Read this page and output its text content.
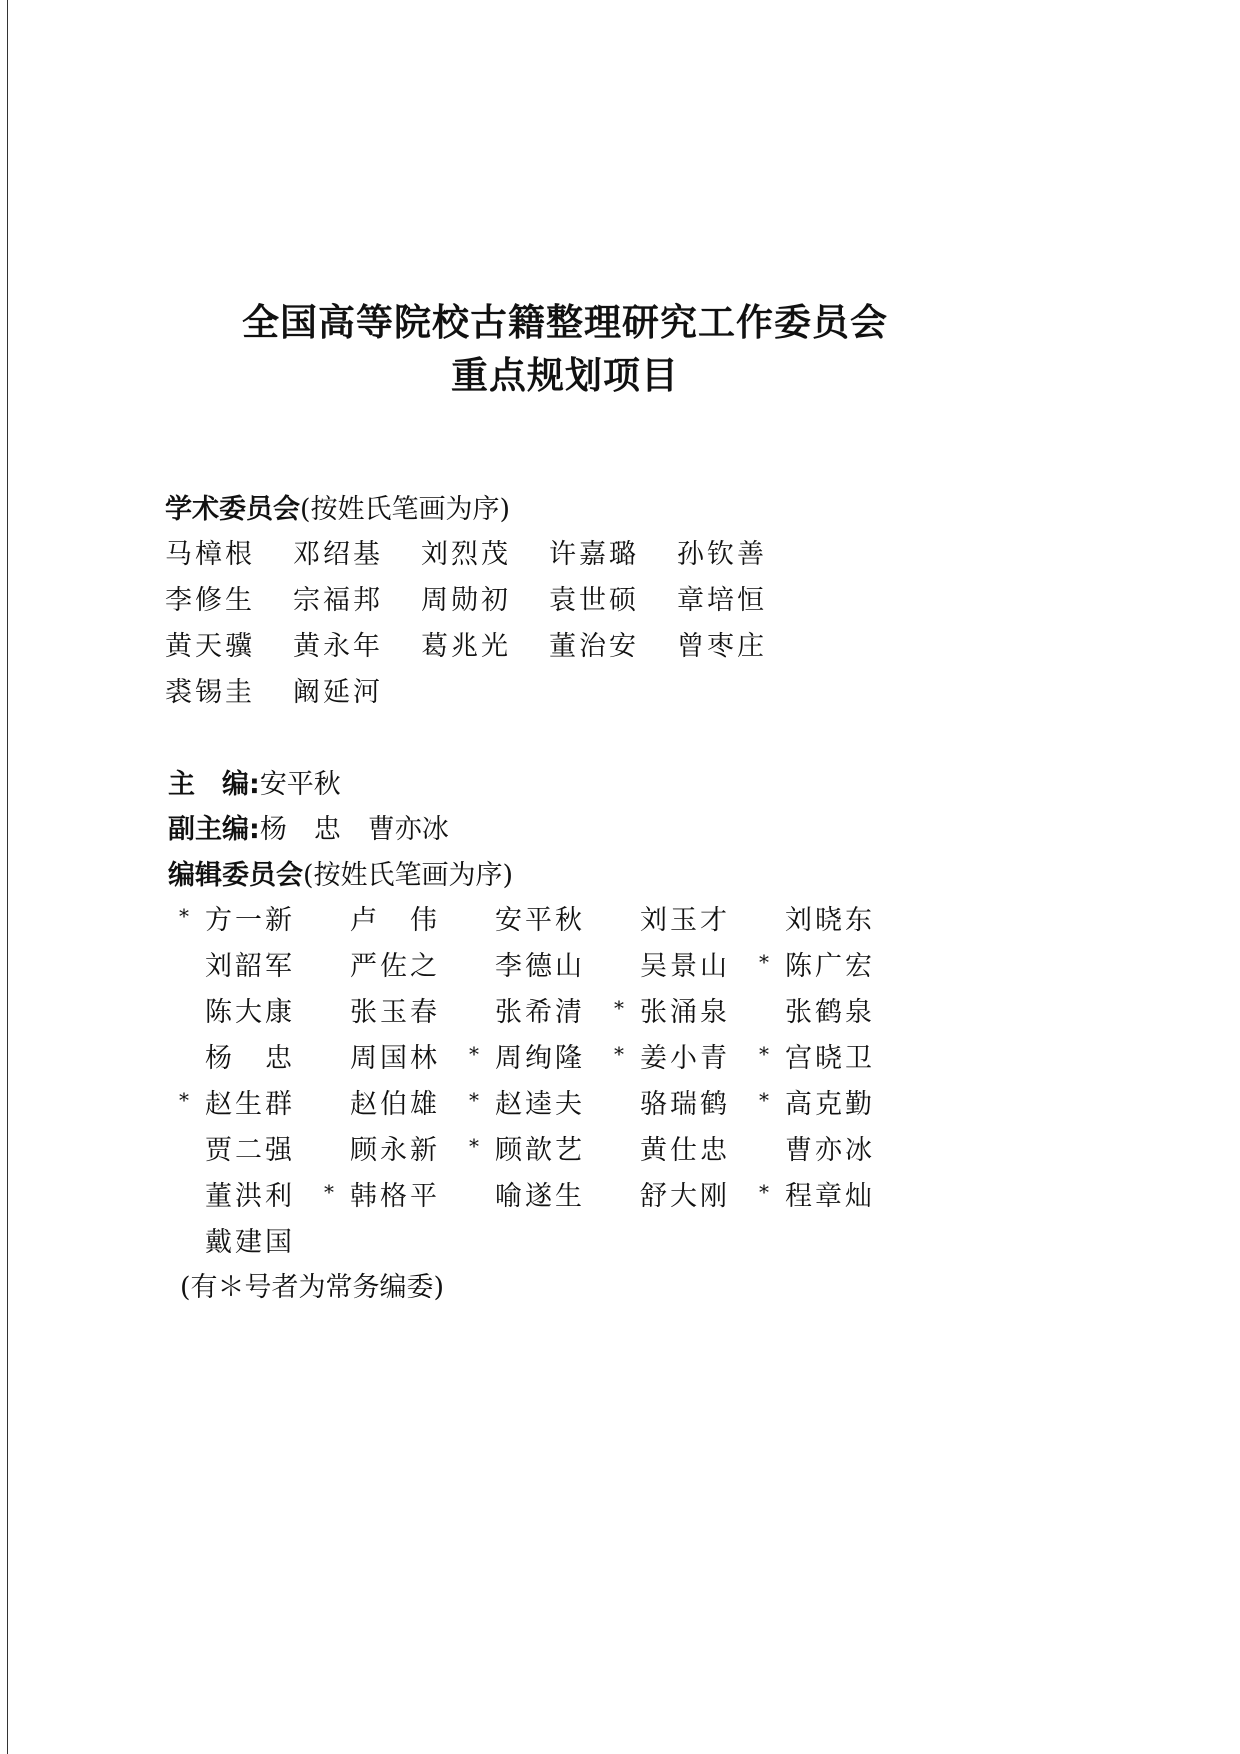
全国高等院校古籍整理研究工作委员会
重点规划项目
学术委员会(按姓氏笔画为序)
马樟根 邓绍基 刘烈茂 许嘉璐 孙钦善
李修生 宗福邦 周勋初 袁世硕 章培恒
黄天骥 黄永年 葛兆光 董治安 曾枣庄
裘锡圭 阚延河
主　编:安平秋
副主编:杨　忠　曹亦冰
编辑委员会(按姓氏笔画为序)
* 方一新 卢　伟 安平秋 刘玉才 刘晓东
刘韶军 严佐之 李德山 吴景山 * 陈广宏
陈大康 张玉春 张希清 * 张涌泉 张鹤泉
杨　忠 周国林 * 周绚隆 * 姜小青 * 宫晓卫
* 赵生群 赵伯雄 * 赵逵夫 骆瑞鹤 * 高克勤
贾二强 顾永新 * 顾歆艺 黄仕忠 曹亦冰
董洪利 * 韩格平 喻遂生 舒大刚 * 程章灿
戴建国
(有＊号者为常务编委)
